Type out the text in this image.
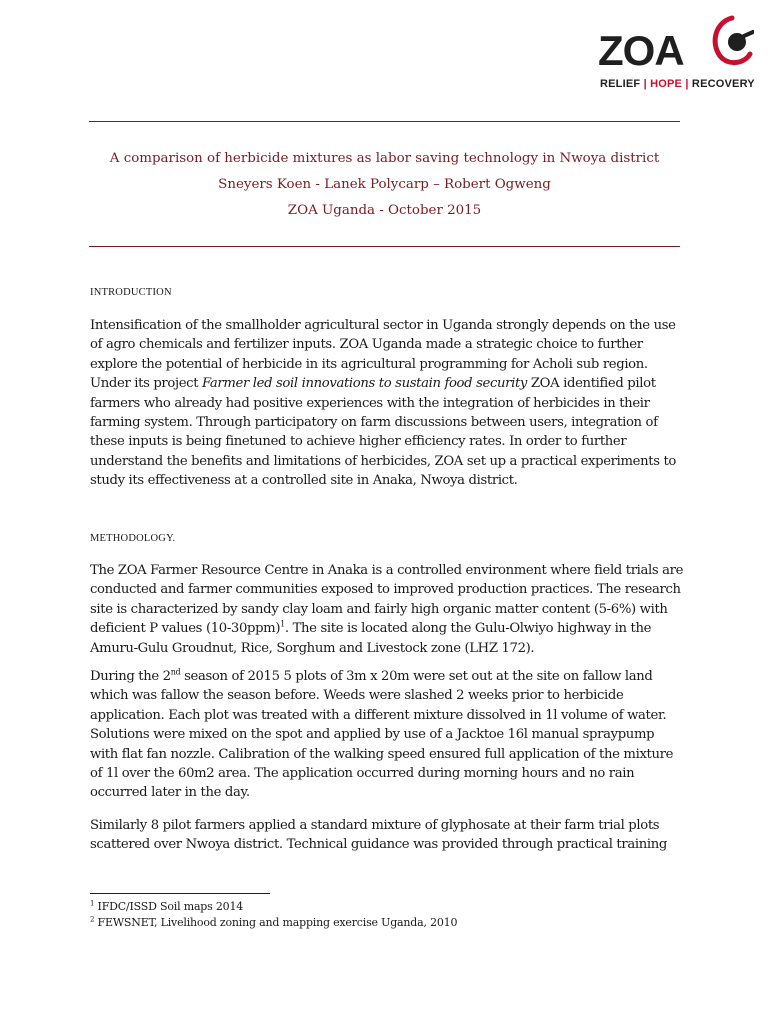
ZOA
RELIEF | HOPE | RECOVERY
A comparison of herbicide mixtures as labor saving technology in Nwoya district
Sneyers Koen - Lanek Polycarp – Robert Ogweng
ZOA Uganda - October 2015
INTRODUCTION
Intensification of the smallholder agricultural sector in Uganda strongly depends on the use of agro chemicals and fertilizer inputs. ZOA Uganda made a strategic choice to further explore the potential of herbicide in its agricultural programming for Acholi sub region. Under its project Farmer led soil innovations to sustain food security ZOA identified pilot farmers who already had positive experiences with the integration of herbicides in their farming system. Through participatory on farm discussions between users, integration of these inputs is being finetuned to achieve higher efficiency rates. In order to further understand the benefits and limitations of herbicides, ZOA set up a practical experiments to study its effectiveness at a controlled site in Anaka, Nwoya district.
METHODOLOGY.
The ZOA Farmer Resource Centre in Anaka is a controlled environment where field trials are conducted and farmer communities exposed to improved production practices. The research site is characterized by sandy clay loam and fairly high organic matter content (5-6%) with deficient P values $(10-30ppm)^1$. The site is located along the Gulu-Olwiyo highway in the Amuru-Gulu Groudnut, Rice, Sorghum and Livestock zone (LHZ 172).
During the 2nd season of 2015 5 plots of 3m x 20m were set out at the site on fallow land which was fallow the season before. Weeds were slashed 2 weeks prior to herbicide application. Each plot was treated with a different mixture dissolved in 1l volume of water. Solutions were mixed on the spot and applied by use of a Jacktoe 16l manual spraypump with flat fan nozzle. Calibration of the walking speed ensured full application of the mixture of 1l over the 60m2 area. The application occurred during morning hours and no rain occurred later in the day.
Similarly 8 pilot farmers applied a standard mixture of glyphosate at their farm trial plots scattered over Nwoya district. Technical guidance was provided through practical training
$^1$ IFDC/ISSD Soil maps 2014
$^2$ FEWSNET, Livelihood zoning and mapping exercise Uganda, 2010
